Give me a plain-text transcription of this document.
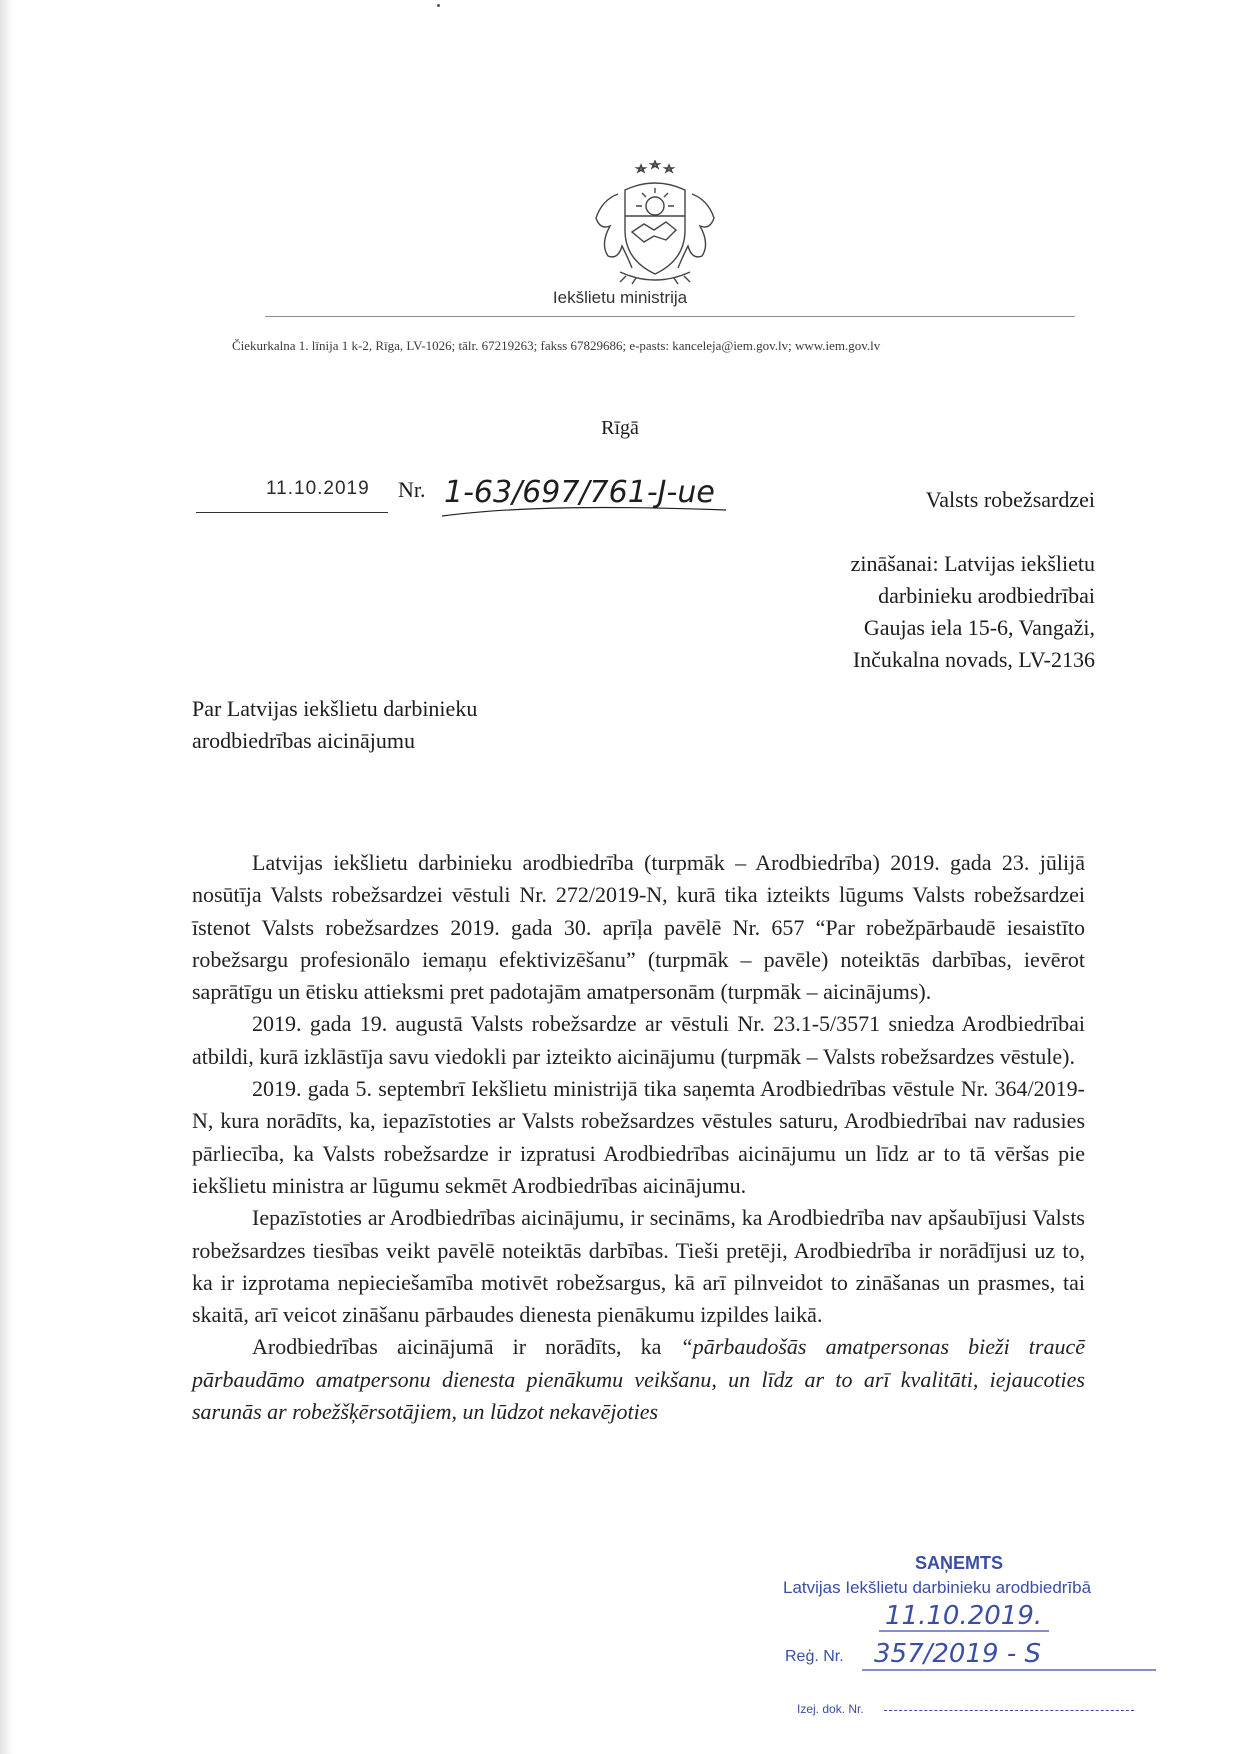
Iekšlietu ministrija
Čiekurkalna 1. līnija 1 k-2, Rīga, LV-1026; tālr. 67219263; fakss 67829686; e-pasts: kanceleja@iem.gov.lv; www.iem.gov.lv
Rīgā
11.10.2019 Nr. 1-63/697/761-J-ue	Valsts robežsardzei
zināšanai: Latvijas iekšlietu
darbinieku arodbiedrībai
Gaujas iela 15-6, Vangaži,
Inčukalna novads, LV-2136
Par Latvijas iekšlietu darbinieku
arodbiedrības aicinājumu

Latvijas iekšlietu darbinieku arodbiedrība (turpmāk – Arodbiedrība) 2019. gada 23. jūlijā nosūtīja Valsts robežsardzei vēstuli Nr. 272/2019-N, kurā tika izteikts lūgums Valsts robežsardzei īstenot Valsts robežsardzes 2019. gada 30. aprīļa pavēlē Nr. 657 “Par robežpārbaudē iesaistīto robežsargu profesionālo iemaņu efektivizēšanu” (turpmāk – pavēle) noteiktās darbības, ievērot saprātīgu un ētisku attieksmi pret padotajām amatpersonām (turpmāk – aicinājums).

2019. gada 19. augustā Valsts robežsardze ar vēstuli Nr. 23.1-5/3571 sniedza Arodbiedrībai atbildi, kurā izklāstīja savu viedokli par izteikto aicinājumu (turpmāk – Valsts robežsardzes vēstule).

2019. gada 5. septembrī Iekšlietu ministrijā tika saņemta Arodbiedrības vēstule Nr. 364/2019-N, kura norādīts, ka, iepazīstoties ar Valsts robežsardzes vēstules saturu, Arodbiedrībai nav radusies pārliecība, ka Valsts robežsardze ir izpratusi Arodbiedrības aicinājumu un līdz ar to tā vēršas pie iekšlietu ministra ar lūgumu sekmēt Arodbiedrības aicinājumu.

Iepazīstoties ar Arodbiedrības aicinājumu, ir secināms, ka Arodbiedrība nav apšaubījusi Valsts robežsardzes tiesības veikt pavēlē noteiktās darbības. Tieši pretēji, Arodbiedrība ir norādījusi uz to, ka ir izprotama nepieciešamība motivēt robežsargus, kā arī pilnveidot to zināšanas un prasmes, tai skaitā, arī veicot zināšanu pārbaudes dienesta pienākumu izpildes laikā.

Arodbiedrības aicinājumā ir norādīts, ka “pārbaudošās amatpersonas bieži traucē pārbaudāmo amatpersonu dienesta pienākumu veikšanu, un līdz ar to arī kvalitāti, iejaucoties sarunās ar robežšķērsotājiem, un lūdzot nekavējoties

SAŅEMTS
Latvijas Iekšlietu darbinieku arodbiedrībā
11.10.2019.
Reģ. Nr. 357/2019 - S
Izej. dok. Nr.
